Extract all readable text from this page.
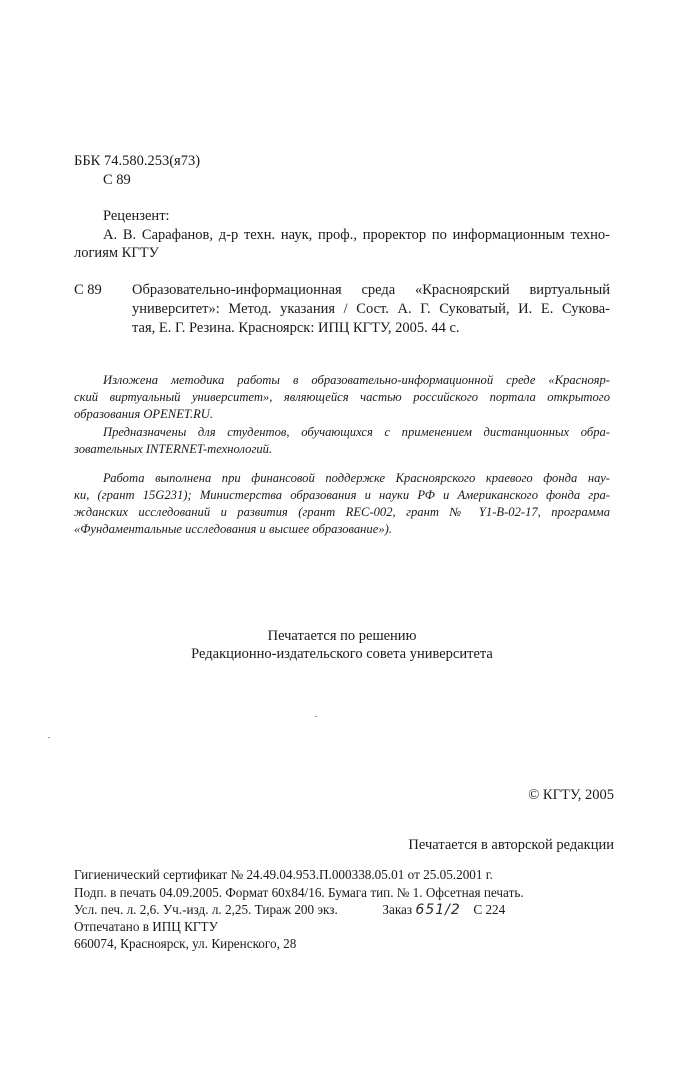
ББК 74.580.253(я73)
С 89
Рецензент:
А. В. Сарафанов, д-р техн. наук, проф., проректор по информационным техно-
логиям КГТУ
С 89 Образовательно-информационная среда «Красноярский виртуальный
университет»: Метод. указания / Сост. А. Г. Суковатый, И. Е. Сукова-
тая, Е. Г. Резина. Красноярск: ИПЦ КГТУ, 2005. 44 с.
Изложена методика работы в образовательно-информационной среде «Краснояр-
ский виртуальный университет», являющейся частью российского портала открытого
образования OPENET.RU.
Предназначены для студентов, обучающихся с применением дистанционных обра-
зовательных INTERNET-технологий.
Работа выполнена при финансовой поддержке Красноярского краевого фонда нау-
ки, (грант 15G231); Министерства образования и науки РФ и Американского фонда гра-
жданских исследований и развития (грант REC-002, грант № Y1-B-02-17, программа
«Фундаментальные исследования и высшее образование»).
Печатается по решению
Редакционно-издательского совета университета
© КГТУ, 2005
Печатается в авторской редакции
Гигиенический сертификат № 24.49.04.953.П.000338.05.01 от 25.05.2001 г.
Подп. в печать 04.09.2005. Формат 60x84/16. Бумага тип. № 1. Офсетная печать.
Усл. печ. л. 2,6. Уч.-изд. л. 2,25. Тираж 200 экз.	Заказ 651/2 С 224
Отпечатано в ИПЦ КГТУ
660074, Красноярск, ул. Киренского, 28
